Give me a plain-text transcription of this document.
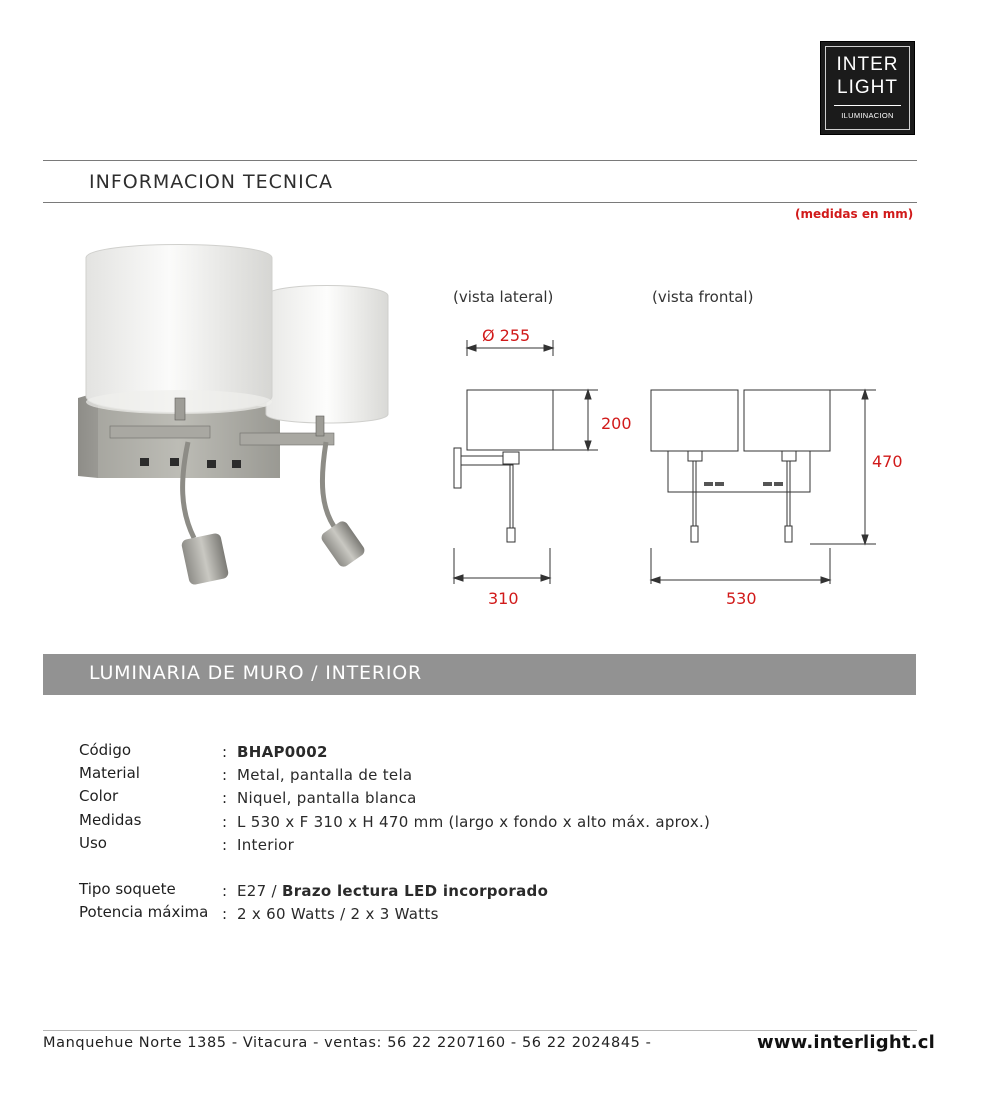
INTER
LIGHT
ILUMINACION
INFORMACION TECNICA
(medidas en mm)
(vista lateral)	(vista frontal)
Ø 255
200
310	530
470
LUMINARIA DE MURO / INTERIOR
Código	: BHAP0002
Material	: Metal, pantalla de tela
Color	: Niquel, pantalla blanca
Medidas	: L 530 x F 310 x H 470 mm (largo x fondo x alto máx. aprox.)
Uso	: Interior
Tipo soquete	: E27 / Brazo lectura LED incorporado
Potencia máxima : 2 x 60 Watts / 2 x 3 Watts
Manquehue Norte 1385 - Vitacura - ventas: 56 22 2207160 - 56 22 2024845 -	www.interlight.cl
